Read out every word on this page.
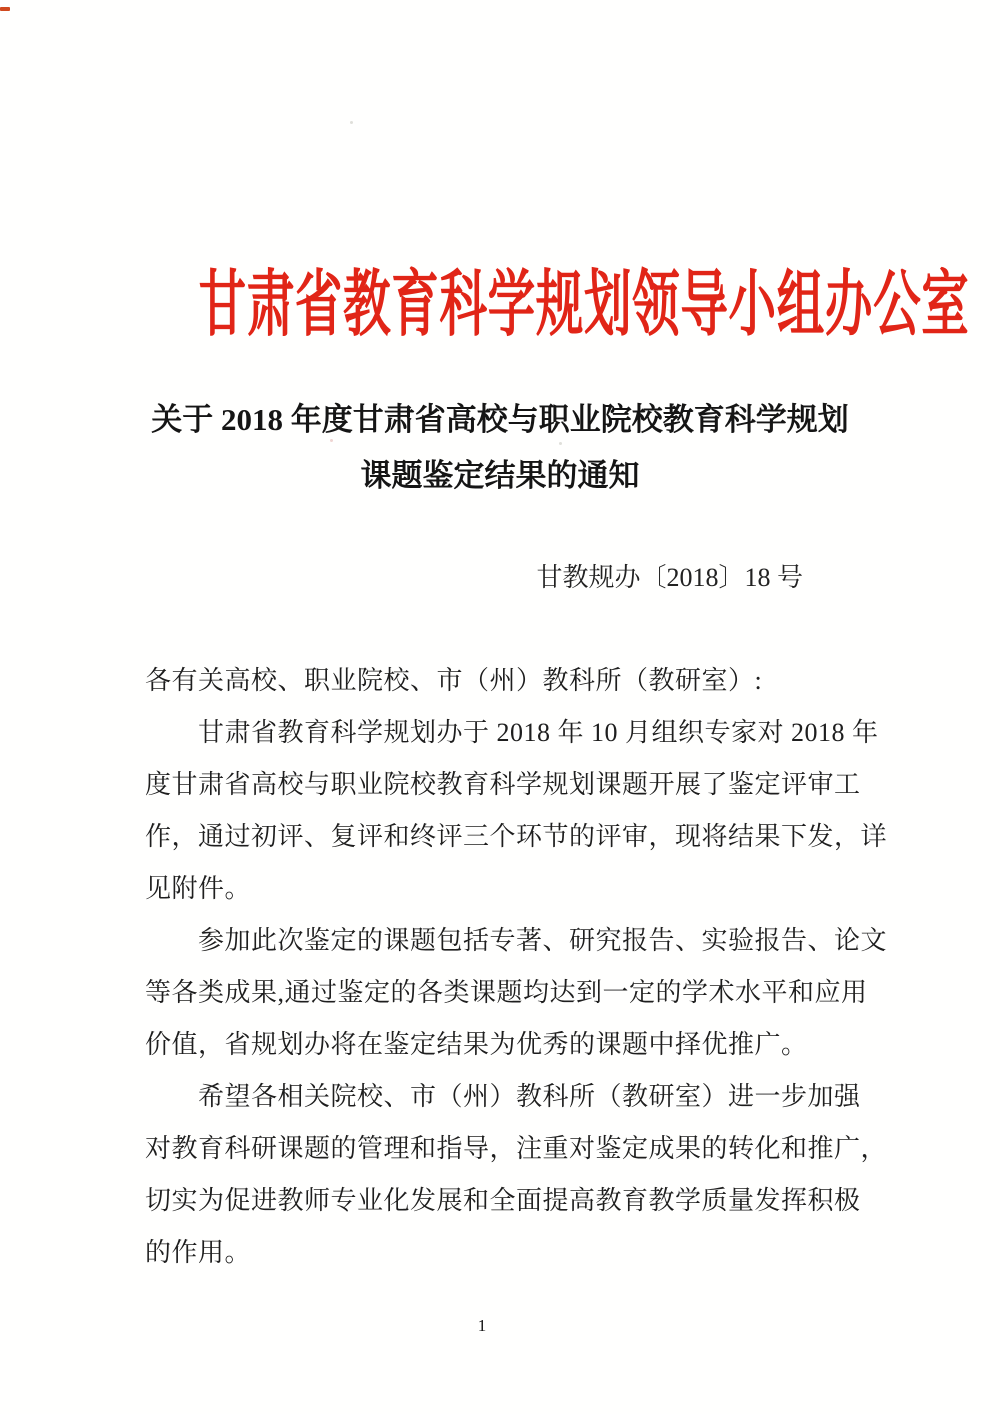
甘肃省教育科学规划领导小组办公室
关于 2018 年度甘肃省高校与职业院校教育科学规划
课题鉴定结果的通知
甘教规办〔2018〕18 号
各有关高校、职业院校、市（州）教科所（教研室）:
甘肃省教育科学规划办于 2018 年 10 月组织专家对 2018 年
度甘肃省高校与职业院校教育科学规划课题开展了鉴定评审工
作，通过初评、复评和终评三个环节的评审，现将结果下发，详
见附件。
参加此次鉴定的课题包括专著、研究报告、实验报告、论文
等各类成果,通过鉴定的各类课题均达到一定的学术水平和应用
价值，省规划办将在鉴定结果为优秀的课题中择优推广。
希望各相关院校、市（州）教科所（教研室）进一步加强
对教育科研课题的管理和指导，注重对鉴定成果的转化和推广，
切实为促进教师专业化发展和全面提高教育教学质量发挥积极
的作用。
1
